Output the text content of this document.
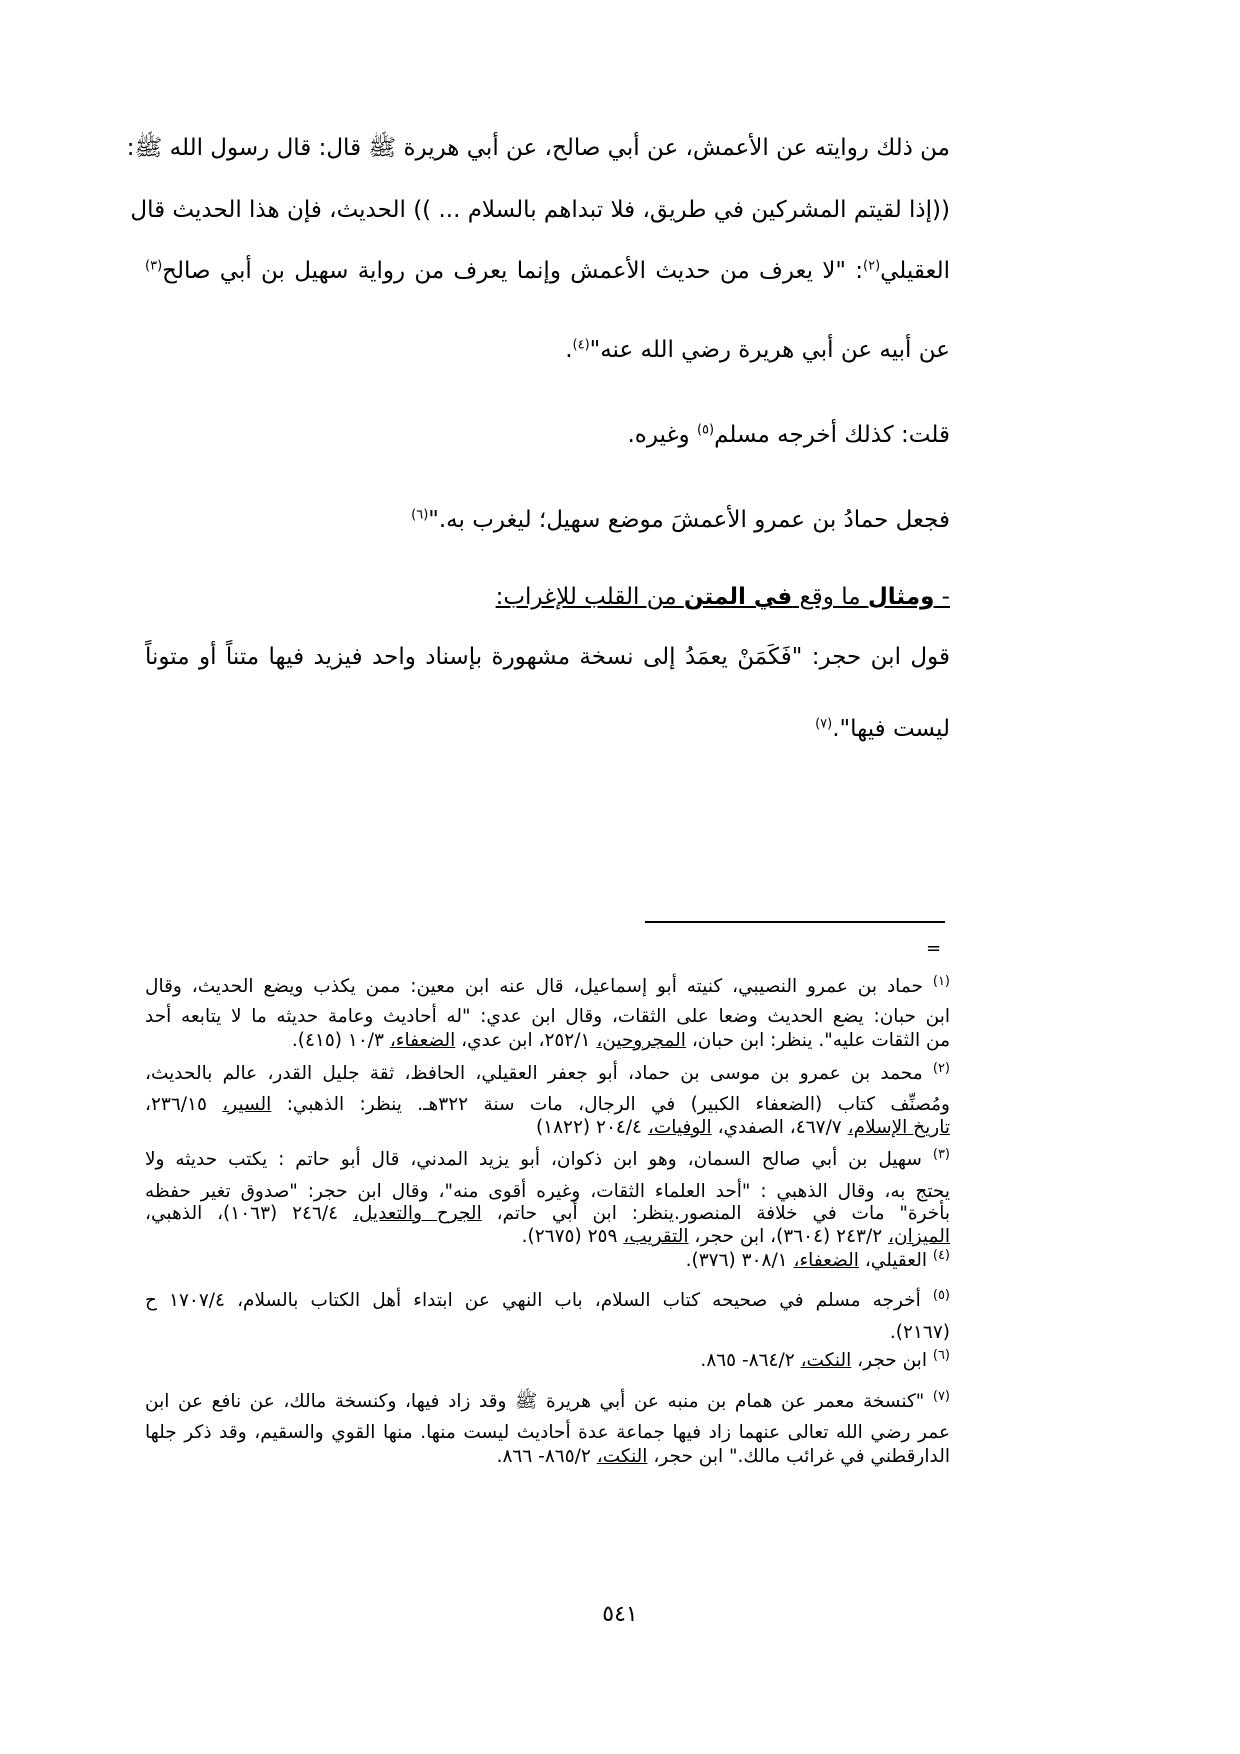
من ذلك روايته عن الأعمش، عن أبي صالح، عن أبي هريرة ﷺ قال: قال رسول الله ﷺ:
((إذا لقيتم المشركين في طريق، فلا تبداهم بالسلام ... )) الحديث، فإن هذا الحديث قال
العقيلي$^{(٢)}$: "لا يعرف من حديث الأعمش وإنما يعرف من رواية سهيل بن أبي صالح$^{(٣)}$
عن أبيه عن أبي هريرة رضي الله عنه"$^{(٤)}$.
قلت: كذلك أخرجه مسلم$^{(٥)}$ وغيره.
فجعل حمادُ بن عمرو الأعمشَ موضع سهيل؛ ليغرب به."$^{(٦)}$
- ومثال ما وقع في المتن من القلب للإغراب:
قول ابن حجر: "فَكَمَنْ يعمَدُ إلى نسخة مشهورة بإسناد واحد فيزيد فيها متناً أو متوناً
ليست فيها".$^{(٧)}$
=
$^{(١)}$ حماد بن عمرو النصيبي، كنيته أبو إسماعيل، قال عنه ابن معين: ممن يكذب ويضع الحديث، وقال
ابن حبان: يضع الحديث وضعا على الثقات، وقال ابن عدي: "له أحاديث وعامة حديثه ما لا يتابعه أحد
من الثقات عليه". ينظر: ابن حبان، المجروحين، ٢٥٢/١، ابن عدي، الضعفاء، ١٠/٣ (٤١٥).
$^{(٢)}$ محمد بن عمرو بن موسى بن حماد، أبو جعفر العقيلي، الحافظ، ثقة جليل القدر، عالم بالحديث،
ومُصنِّف كتاب (الضعفاء الكبير) في الرجال، مات سنة ٣٢٢هـ. ينظر: الذهبي: السير، ٢٣٦/١٥،
تاريخ الإسلام، ٤٦٧/٧، الصفدي، الوفيات، ٢٠٤/٤ (١٨٢٢)
$^{(٣)}$ سهيل بن أبي صالح السمان، وهو ابن ذكوان، أبو يزيد المدني، قال أبو حاتم : يكتب حديثه ولا
يحتج به، وقال الذهبي : "أحد العلماء الثقات، وغيره أقوى منه"، وقال ابن حجر: "صدوق تغير حفظه
بأخرة" مات في خلافة المنصور.ينظر: ابن أبي حاتم، الجرح والتعديل، ٢٤٦/٤ (١٠٦٣)، الذهبي،
الميزان، ٢٤٣/٢ (٣٦٠٤)، ابن حجر، التقريب، ٢٥٩ (٢٦٧٥).
$^{(٤)}$ العقيلي، الضعفاء، ٣٠٨/١ (٣٧٦).
$^{(٥)}$ أخرجه مسلم في صحيحه كتاب السلام، باب النهي عن ابتداء أهل الكتاب بالسلام، ١٧٠٧/٤ ح
(٢١٦٧).
$^{(٦)}$ ابن حجر، النكت، ٨٦٤/٢- ٨٦٥.
$^{(٧)}$ "كنسخة معمر عن همام بن منبه عن أبي هريرة ﷺ وقد زاد فيها، وكنسخة مالك، عن نافع عن ابن
عمر رضي الله تعالى عنهما زاد فيها جماعة عدة أحاديث ليست منها. منها القوي والسقيم، وقد ذكر جلها
الدارقطني في غرائب مالك." ابن حجر، النكت، ٨٦٥/٢- ٨٦٦.
٥٤١
